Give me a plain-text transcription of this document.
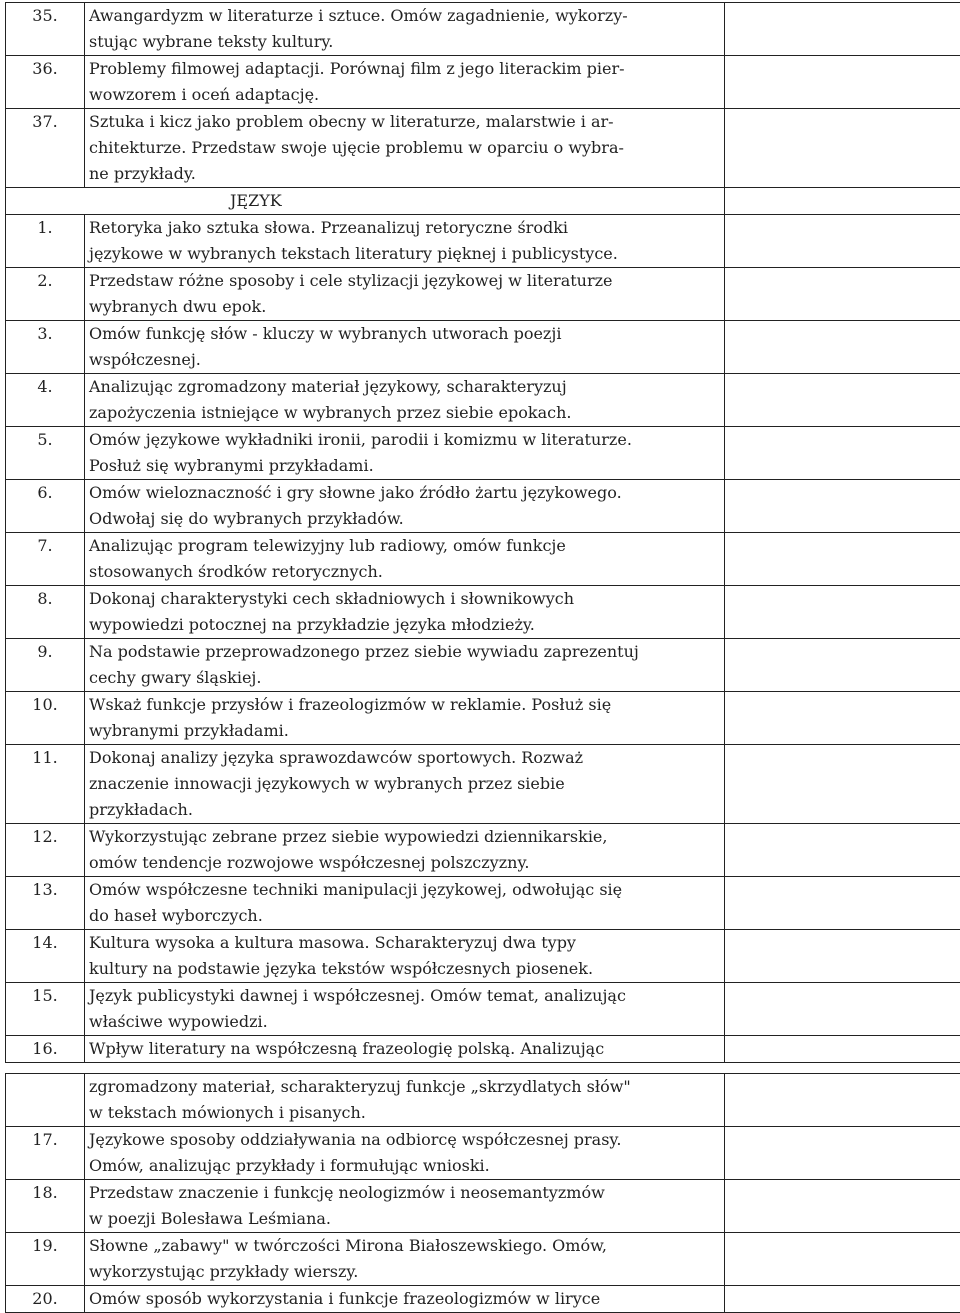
35.	Awangardyzm w literaturze i sztuce. Omów zagadnienie, wykorzy-
stując wybrane teksty kultury.	

36.	Problemy filmowej adaptacji. Porównaj film z jego literackim pier-
wowzorem i oceń adaptację.	

37.	Sztuka i kicz jako problem obecny w literaturze, malarstwie i ar-
chitekturze. Przedstaw swoje ujęcie problemu w oparciu o wybra-
ne przykłady.	

JĘZYK		
1.	Retoryka jako sztuka słowa. Przeanalizuj retoryczne środki
językowe w wybranych tekstach literatury pięknej i publicystyce.	

2.	Przedstaw różne sposoby i cele stylizacji językowej w literaturze
wybranych dwu epok.	

3.	Omów funkcję słów - kluczy w wybranych utworach poezji
współczesnej.	

4.	Analizując zgromadzony materiał językowy, scharakteryzuj
zapożyczenia istniejące w wybranych przez siebie epokach.	

5.	Omów językowe wykładniki ironii, parodii i komizmu w literaturze.
Posłuż się wybranymi przykładami.	

6.	Omów wieloznaczność i gry słowne jako źródło żartu językowego.
Odwołaj się do wybranych przykładów.	

7.	Analizując program telewizyjny lub radiowy, omów funkcje
stosowanych środków retorycznych.	

8.	Dokonaj charakterystyki cech składniowych i słownikowych
wypowiedzi potocznej na przykładzie języka młodzieży.	

9.	Na podstawie przeprowadzonego przez siebie wywiadu zaprezentuj
cechy gwary śląskiej.	

10.	Wskaż funkcje przysłów i frazeologizmów w reklamie. Posłuż się
wybranymi przykładami.	

11.	Dokonaj analizy języka sprawozdawców sportowych. Rozważ
znaczenie innowacji językowych w wybranych przez siebie
przykładach.	

12.	Wykorzystując zebrane przez siebie wypowiedzi dziennikarskie,
omów tendencje rozwojowe współczesnej polszczyzny.	

13.	Omów współczesne techniki manipulacji językowej, odwołując się
do haseł wyborczych.	

14.	Kultura wysoka a kultura masowa. Scharakteryzuj dwa typy
kultury na podstawie języka tekstów współczesnych piosenek.	

15.	Język publicystyki dawnej i współczesnej. Omów temat, analizując
właściwe wypowiedzi.	

16.	Wpływ literatury na współczesną frazeologię polską. Analizując	

	zgromadzony materiał, scharakteryzuj funkcje „skrzydlatych słów"
w tekstach mówionych i pisanych.	

17.	Językowe sposoby oddziaływania na odbiorcę współczesnej prasy.
Omów, analizując przykłady i formułując wnioski.	

18.	Przedstaw znaczenie i funkcję neologizmów i neosemantyzmów
w poezji Bolesława Leśmiana.	

19.	Słowne „zabawy" w twórczości Mirona Białoszewskiego. Omów,
wykorzystując przykłady wierszy.	

20.	Omów sposób wykorzystania i funkcje frazeologizmów w liryce	
